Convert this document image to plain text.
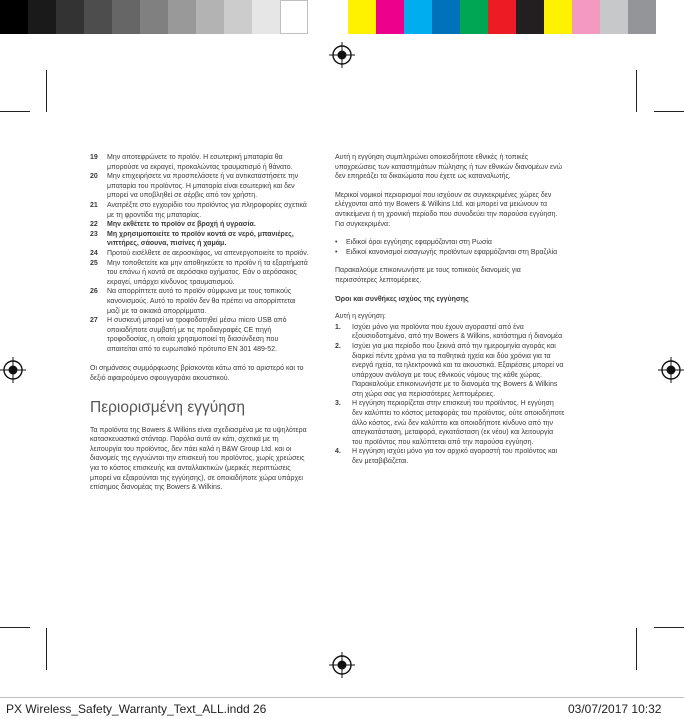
19	Μην αποτεφρώνετε το προϊόν. Η εσωτερική μπαταρία θα μπορούσε να εκραγεί, προκαλώντας τραυματισμό ή θάνατο.
20	Μην επιχειρήσετε να προσπελάσετε ή να αντικαταστήσετε την μπαταρία του προϊόντος. Η μπαταρία είναι εσωτερική και δεν μπορεί να υποβληθεί σε σέρβις από τον χρήστη.
21	Ανατρέξτε στο εγχειρίδιο του προϊόντος για πληροφορίες σχετικά με τη φροντίδα της μπαταρίας.
22	Μην εκθέτετε το προϊόν σε βροχή ή υγρασία.
23	Μη χρησιμοποιείτε το προϊόν κοντά σε νερό, μπανιέρες, νιπτήρες, σάουνα, πισίνες ή χαμάμ.
24	Προτού εισέλθετε σε αεροσκάφος, να απενεργοποιείτε το προϊόν.
25	Μην τοποθετείτε και μην αποθηκεύετε το προϊόν ή τα εξαρτήματά του επάνω ή κοντά σε αερόσακο οχήματος. Εάν ο αερόσακος εκραγεί, υπάρχει κίνδυνος τραυματισμού.
26	Να απορρίπτετε αυτό το προϊόν σύμφωνα με τους τοπικούς κανονισμούς. Αυτό το προϊόν δεν θα πρέπει να απορρίπτεται μαζί με τα οικιακά απορρίμματα.
27	Η συσκευή μπορεί να τροφοδοτηθεί μέσω micro USB από οποιαδήποτε συμβατή με τις προδιαγραφές CE πηγή τροφοδοσίας, η οποία χρησιμοποιεί τη διασύνδεση που απαιτείται από το ευρωπαϊκό πρότυπο EN 301 489-52.

Οι σημάνσεις συμμόρφωσης βρίσκονται κάτω από το αριστερό και το δεξιό αφαιρούμενο σφουγγαράκι ακουστικού.

Περιορισμένη εγγύηση

Τα προϊόντα της Bowers & Wilkins είναι σχεδιασμένα με τα υψηλότερα κατασκευαστικά στάνταρ. Παρόλα αυτά αν κάτι, σχετικά με τη λειτουργία του προϊόντος, δεν πάει καλά η B&W Group Ltd. και οι διανομείς της εγγυώνται την επισκευή του προϊόντος, χωρίς χρεώσεις για το κόστος επισκευής και ανταλλακτικών (μερικές περιπτώσεις μπορεί να εξαιρούνται της εγγύησης), σε οποιαδήποτε χώρα υπάρχει επίσημος διανομέας της Bowers & Wilkins.

Αυτή η εγγύηση συμπληρώνει οποιεσδήποτε εθνικές ή τοπικές υποχρεώσεις των καταστημάτων πώλησης ή των εθνικών διανομέων ενώ δεν επηρεάζει τα δικαιώματα που έχετε ως καταναλωτής.

Μερικοί νομικοί περιορισμοί που ισχύουν σε συγκεκριμένες χώρες δεν ελέγχονται από την Bowers & Wilkins Ltd. και μπορεί να μειώνουν τα αντικείμενα ή τη χρονική περίοδο που συνοδεύει την παρούσα εγγύηση. Για συγκεκριμένα:

•	Ειδικοί όροι εγγύησης εφαρμόζονται στη Ρωσία
•	Ειδικοί κανονισμοί εισαγωγής προϊόντων εφαρμόζονται στη Βραζιλία

Παρακαλούμε επικοινωνήστε με τους τοπικούς διανομείς για περισσότερες λεπτομέρειες.

Όροι και συνθήκες ισχύος της εγγύησης

Αυτή η εγγύηση:

1.	Ισχύει μόνο για προϊόντα που έχουν αγοραστεί από ένα εξουσιοδοτημένο, από την Bowers & Wilkins, κατάστημα ή διανομέα
2.	Ισχύει για μια περίοδο που ξεκινά από την ημερομηνία αγοράς και διαρκεί πέντε χρόνια για τα παθητικά ηχεία και δύο χρόνια για τα ενεργά ηχεία, τα ηλεκτρονικά και τα ακουστικά. Εξαιρέσεις μπορεί να υπάρχουν ανάλογα με τους εθνικούς νόμους της κάθε χώρας. Παρακαλούμε επικοινωνήστε με το διανομέα της Bowers & Wilkins στη χώρα σας για περισσότερες λεπτομέρειες.
3.	Η εγγύηση περιορίζεται στην επισκευή του προϊόντος. Η εγγύηση δεν καλύπτει το κόστος μεταφοράς του προϊόντος, ούτε οποιοδήποτε άλλο κόστος, ενώ δεν καλύπτει και οποιοδήποτε κίνδυνο από την απεγκατάσταση, μεταφορά, εγκατάσταση (εκ νέου) και λειτουργία του προϊόντος που καλύπτεται από την παρούσα εγγύηση.
4.	Η εγγύηση ισχύει μόνο για τον αρχικό αγοραστή του προϊόντος και δεν μεταβιβάζεται.
PX Wireless_Safety_Warranty_Text_ALL.indd 26	03/07/2017 10:32
